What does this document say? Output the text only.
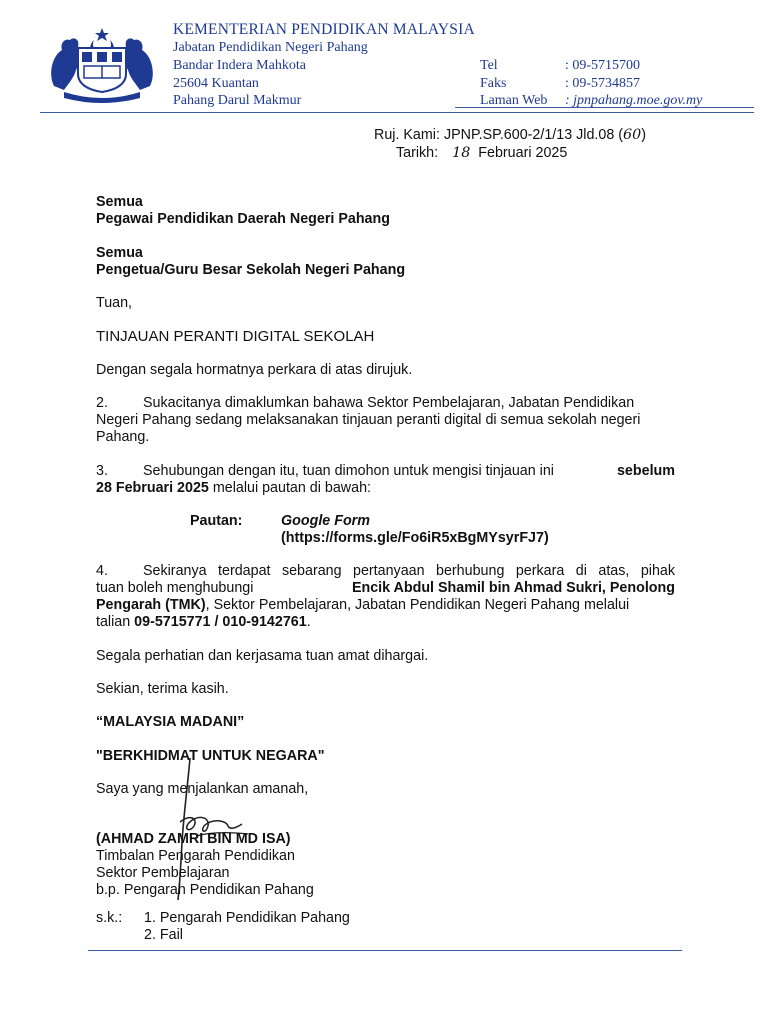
KEMENTERIAN PENDIDIKAN MALAYSIA
Jabatan Pendidikan Negeri Pahang
Bandar Indera Mahkota
25604 Kuantan
Pahang Darul Makmur
Tel	: 09-5715700
Faks	: 09-5734857
Laman Web : jpnpahang.moe.gov.my
Ruj. Kami: JPNP.SP.600-2/1/13 Jld.08 (60)
Tarikh: 18 Februari 2025
Semua
Pegawai Pendidikan Daerah Negeri Pahang
Semua
Pengetua/Guru Besar Sekolah Negeri Pahang
Tuan,
TINJAUAN PERANTI DIGITAL SEKOLAH
Dengan segala hormatnya perkara di atas dirujuk.
2. Sukacitanya dimaklumkan bahawa Sektor Pembelajaran, Jabatan Pendidikan
Negeri Pahang sedang melaksanakan tinjauan peranti digital di semua sekolah negeri
Pahang.
3. Sehubungan dengan itu, tuan dimohon untuk mengisi tinjauan ini	sebelum
28 Februari 2025 melalui pautan di bawah:
Pautan:	Google Form
(https://forms.gle/Fo6iR5xBgMYsyrFJ7)
4. Sekiranya terdapat sebarang pertanyaan berhubung perkara di atas, pihak
tuan boleh menghubungi	Encik Abdul Shamil bin Ahmad Sukri, Penolong
Pengarah (TMK), Sektor Pembelajaran, Jabatan Pendidikan Negeri Pahang melalui
talian 09-5715771 / 010-9142761.
Segala perhatian dan kerjasama tuan amat dihargai.
Sekian, terima kasih.
“MALAYSIA MADANI”
"BERKHIDMAT UNTUK NEGARA"
Saya yang menjalankan amanah,
(AHMAD ZAMRI BIN MD ISA)
Timbalan Pengarah Pendidikan
Sektor Pembelajaran
b.p. Pengarah Pendidikan Pahang
s.k.: 1. Pengarah Pendidikan Pahang
2. Fail
